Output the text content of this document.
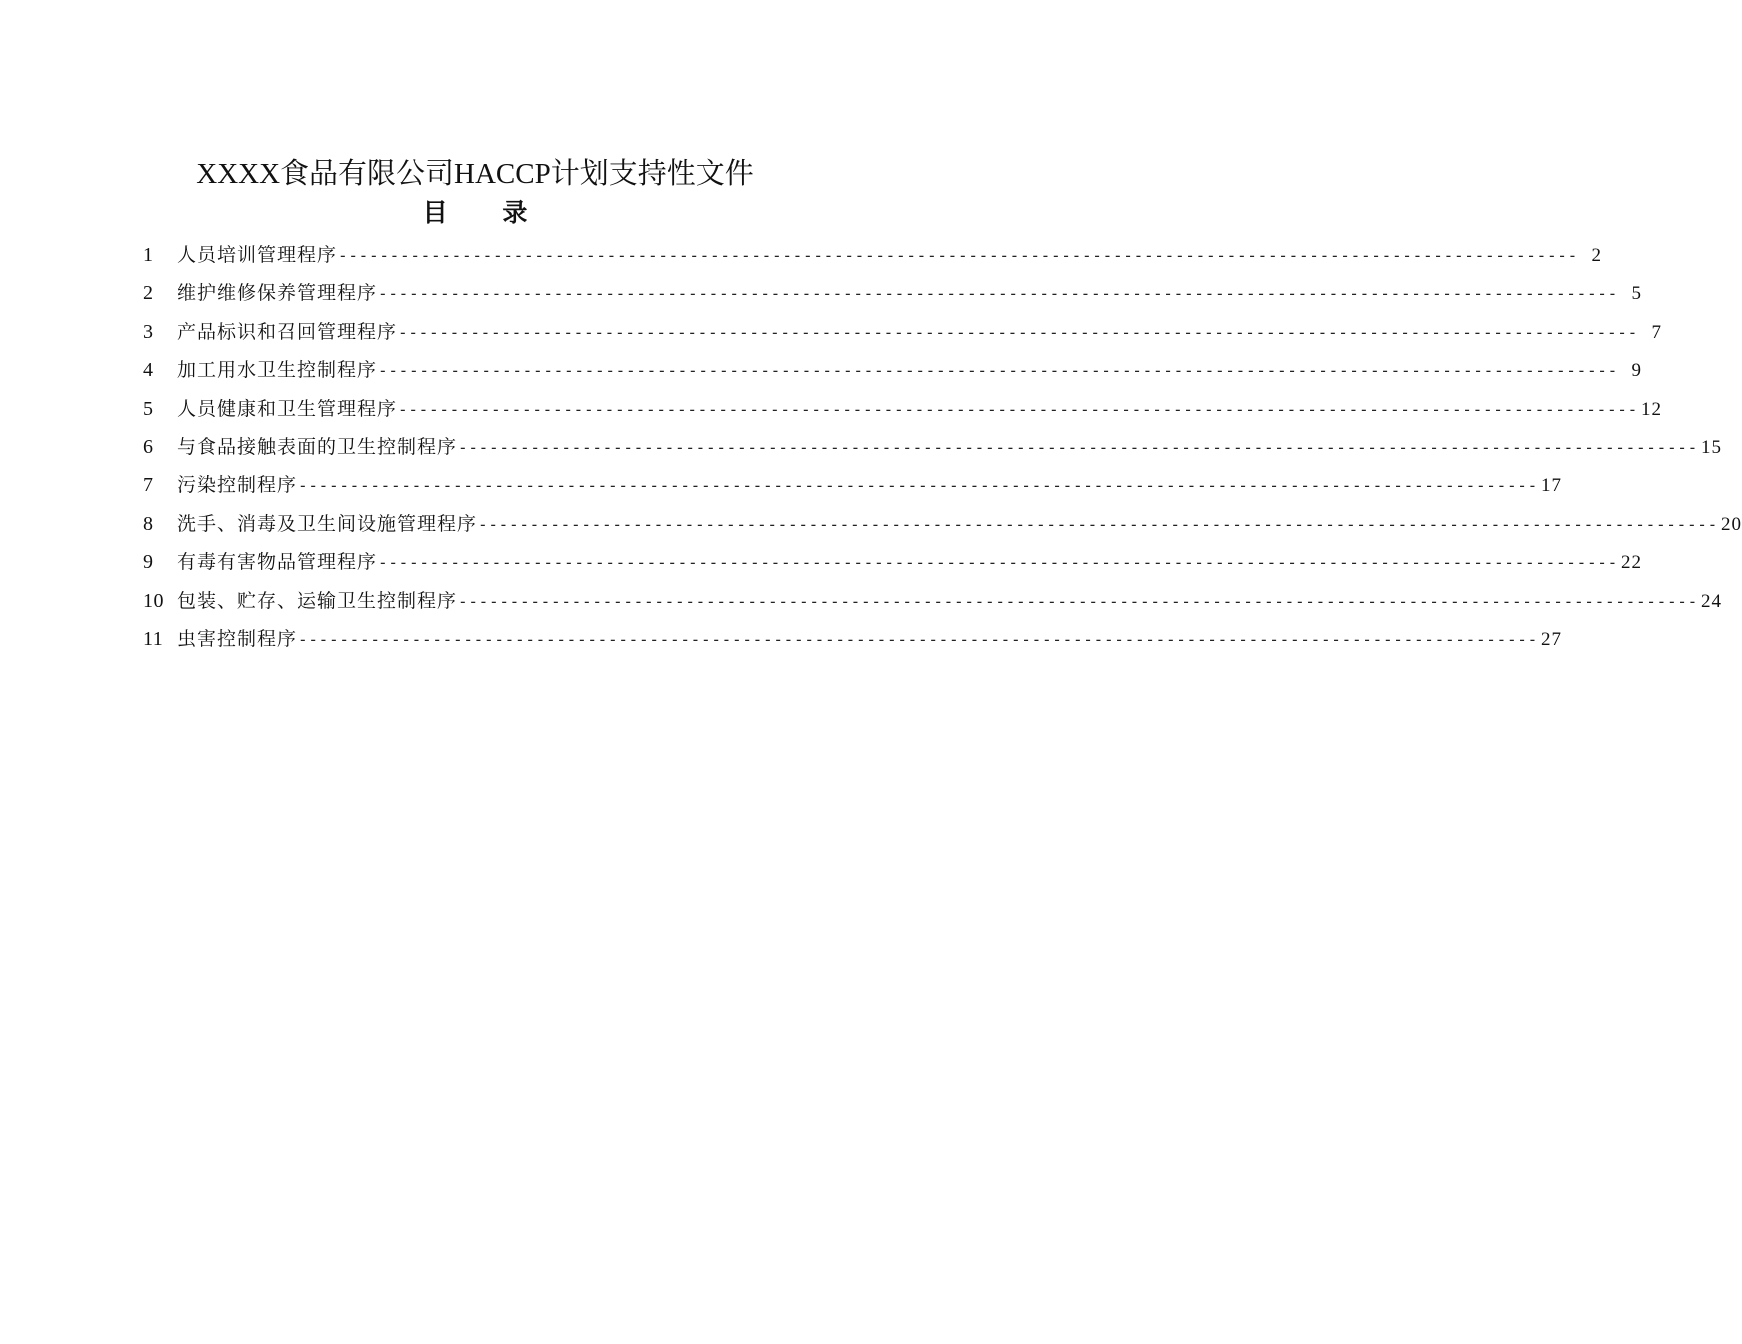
XXXX食品有限公司HACCP计划支持性文件
目 录
1	人员培训管理程序 ------------------------------------------------------------------------------------------------------------------------ 2
2	维护维修保养管理程序 ------------------------------------------------------------------------------------------------------------------------ 5
3	产品标识和召回管理程序 ------------------------------------------------------------------------------------------------------------------------ 7
4	加工用水卫生控制程序 ------------------------------------------------------------------------------------------------------------------------ 9
5	人员健康和卫生管理程序 ------------------------------------------------------------------------------------------------------------------------ 12
6	与食品接触表面的卫生控制程序 ------------------------------------------------------------------------------------------------------------------------ 15
7	污染控制程序 ------------------------------------------------------------------------------------------------------------------------ 17
8	洗手、消毒及卫生间设施管理程序 ------------------------------------------------------------------------------------------------------------------------ 20
9	有毒有害物品管理程序 ------------------------------------------------------------------------------------------------------------------------ 22
10 包装、贮存、运输卫生控制程序 ------------------------------------------------------------------------------------------------------------------------ 24
11 虫害控制程序 ------------------------------------------------------------------------------------------------------------------------ 27
